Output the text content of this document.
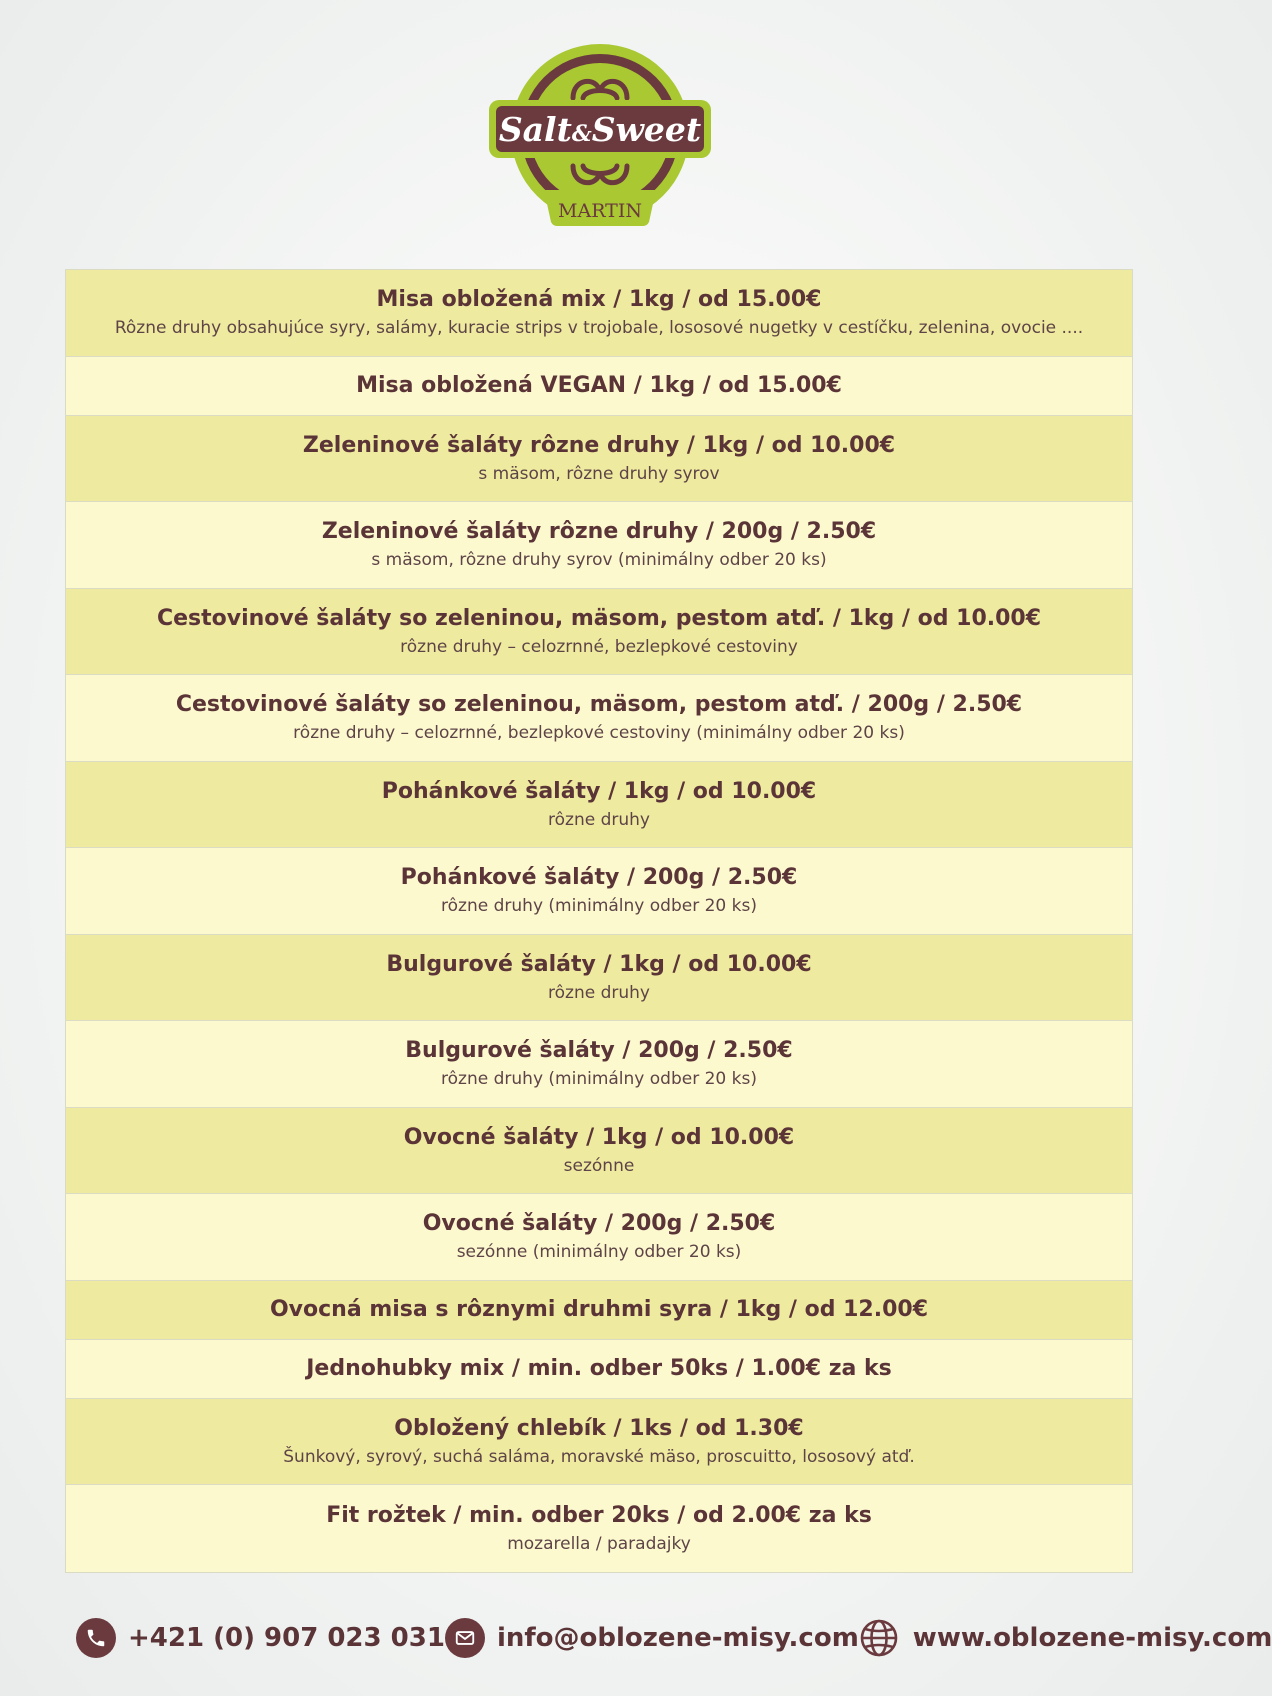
Salt&Sweet
MARTIN
Misa obložená mix / 1kg / od 15.00€
Rôzne druhy obsahujúce syry, salámy, kuracie strips v trojobale, lososové nugetky v cestíčku, zelenina, ovocie ....
Misa obložená VEGAN / 1kg / od 15.00€
Zeleninové šaláty rôzne druhy / 1kg / od 10.00€
s mäsom, rôzne druhy syrov
Zeleninové šaláty rôzne druhy / 200g / 2.50€
s mäsom, rôzne druhy syrov (minimálny odber 20 ks)
Cestovinové šaláty so zeleninou, mäsom, pestom atď. / 1kg / od 10.00€
rôzne druhy – celozrnné, bezlepkové cestoviny
Cestovinové šaláty so zeleninou, mäsom, pestom atď. / 200g / 2.50€
rôzne druhy – celozrnné, bezlepkové cestoviny (minimálny odber 20 ks)
Pohánkové šaláty / 1kg / od 10.00€
rôzne druhy
Pohánkové šaláty / 200g / 2.50€
rôzne druhy (minimálny odber 20 ks)
Bulgurové šaláty / 1kg / od 10.00€
rôzne druhy
Bulgurové šaláty / 200g / 2.50€
rôzne druhy (minimálny odber 20 ks)
Ovocné šaláty / 1kg / od 10.00€
sezónne
Ovocné šaláty / 200g / 2.50€
sezónne (minimálny odber 20 ks)
Ovocná misa s rôznymi druhmi syra / 1kg / od 12.00€
Jednohubky mix / min. odber 50ks / 1.00€ za ks
Obložený chlebík / 1ks / od 1.30€
Šunkový, syrový, suchá saláma, moravské mäso, proscuitto, lososový atď.
Fit rožtek / min. odber 20ks / od 2.00€ za ks
mozarella / paradajky
+421 (0) 907 023 031 info@oblozene-misy.com www.oblozene-misy.com
